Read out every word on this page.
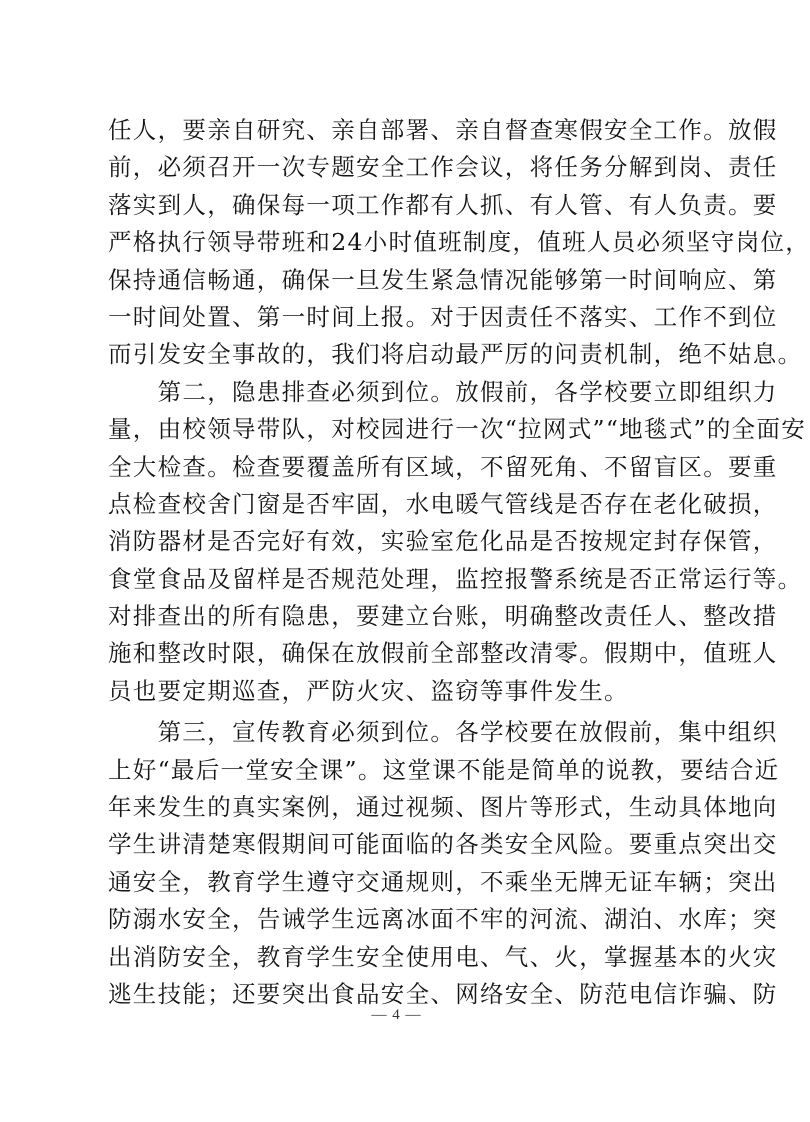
任人，要亲自研究、亲自部署、亲自督查寒假安全工作。放假
前，必须召开一次专题安全工作会议，将任务分解到岗、责任
落实到人，确保每一项工作都有人抓、有人管、有人负责。要
严格执行领导带班和24小时值班制度，值班人员必须坚守岗位，
保持通信畅通，确保一旦发生紧急情况能够第一时间响应、第
一时间处置、第一时间上报。对于因责任不落实、工作不到位
而引发安全事故的，我们将启动最严厉的问责机制，绝不姑息。
　　第二，隐患排查必须到位。放假前，各学校要立即组织力
量，由校领导带队，对校园进行一次“拉网式”“地毯式”的全面安
全大检查。检查要覆盖所有区域，不留死角、不留盲区。要重
点检查校舍门窗是否牢固，水电暖气管线是否存在老化破损，
消防器材是否完好有效，实验室危化品是否按规定封存保管，
食堂食品及留样是否规范处理，监控报警系统是否正常运行等。
对排查出的所有隐患，要建立台账，明确整改责任人、整改措
施和整改时限，确保在放假前全部整改清零。假期中，值班人
员也要定期巡查，严防火灾、盗窃等事件发生。
　　第三，宣传教育必须到位。各学校要在放假前，集中组织
上好“最后一堂安全课”。这堂课不能是简单的说教，要结合近
年来发生的真实案例，通过视频、图片等形式，生动具体地向
学生讲清楚寒假期间可能面临的各类安全风险。要重点突出交
通安全，教育学生遵守交通规则，不乘坐无牌无证车辆；突出
防溺水安全，告诫学生远离冰面不牢的河流、湖泊、水库；突
出消防安全，教育学生安全使用电、气、火，掌握基本的火灾
逃生技能；还要突出食品安全、网络安全、防范电信诈骗、防
— 4 —
